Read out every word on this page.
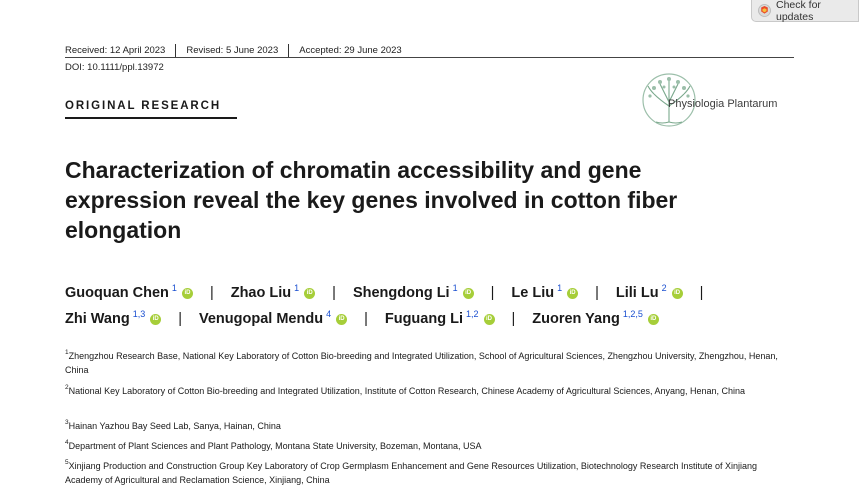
Check for updates
Received: 12 April 2023 Revised: 5 June 2023 Accepted: 29 June 2023
DOI: 10.1111/ppl.13972
ORIGINAL RESEARCH	Physiologia Plantarum
Characterization of chromatin accessibility and gene expression reveal the key genes involved in cotton fiber elongation
Guoquan Chen $^1$	iD | Zhao Liu $^1$	iD | Shengdong Li $^1$	iD | Le Liu $^1$	iD | Lili Lu $^2$	iD |
Zhi Wang $^{1,3}$	iD | Venugopal Mendu $^4$	iD | Fuguang Li $^{1,2}$	iD | Zuoren Yang $^{1,2,5}$	iD
$^1$Zhengzhou Research Base, National Key Laboratory of Cotton Bio-breeding and Integrated Utilization, School of Agricultural Sciences, Zhengzhou University, Zhengzhou, Henan, China
$^2$National Key Laboratory of Cotton Bio-breeding and Integrated Utilization, Institute of Cotton Research, Chinese Academy of Agricultural Sciences, Anyang, Henan, China
$^3$Hainan Yazhou Bay Seed Lab, Sanya, Hainan, China
$^4$Department of Plant Sciences and Plant Pathology, Montana State University, Bozeman, Montana, USA
$^5$Xinjiang Production and Construction Group Key Laboratory of Crop Germplasm Enhancement and Gene Resources Utilization, Biotechnology Research Institute of Xinjiang Academy of Agricultural and Reclamation Science, Xinjiang, China
